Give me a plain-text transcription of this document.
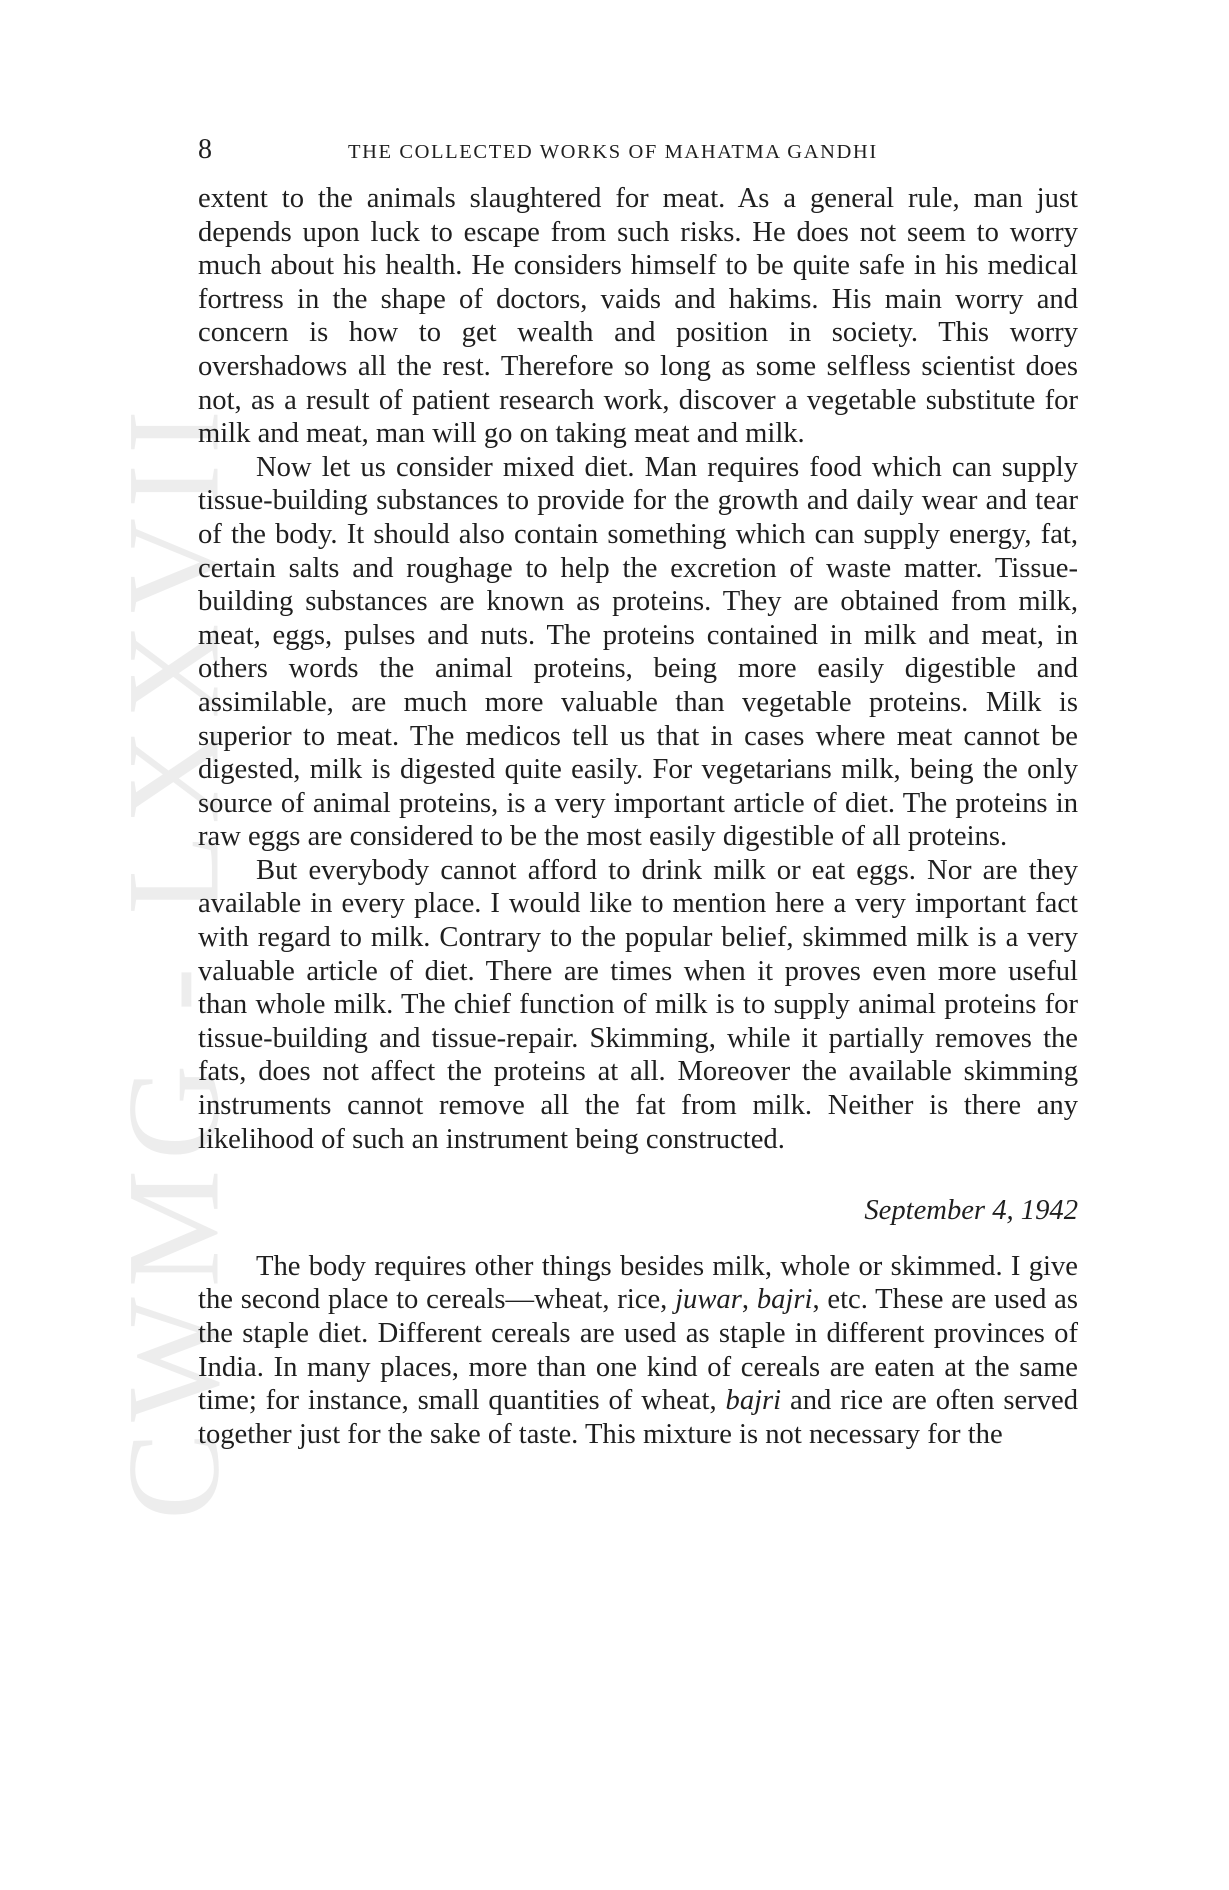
CWMG - LXXVII
8	THE COLLECTED WORKS OF MAHATMA GANDHI

extent to the animals slaughtered for meat. As a general rule, man just depends upon luck to escape from such risks. He does not seem to worry much about his health. He considers himself to be quite safe in his medical fortress in the shape of doctors, vaids and hakims. His main worry and concern is how to get wealth and position in society. This worry overshadows all the rest. Therefore so long as some selfless scientist does not, as a result of patient research work, discover a vegetable substitute for milk and meat, man will go on taking meat and milk.

Now let us consider mixed diet. Man requires food which can supply tissue-building substances to provide for the growth and daily wear and tear of the body. It should also contain something which can supply energy, fat, certain salts and roughage to help the excretion of waste matter. Tissue-building substances are known as proteins. They are obtained from milk, meat, eggs, pulses and nuts. The proteins contained in milk and meat, in others words the animal proteins, being more easily digestible and assimilable, are much more valuable than vegetable proteins. Milk is superior to meat. The medicos tell us that in cases where meat cannot be digested, milk is digested quite easily. For vegetarians milk, being the only source of animal proteins, is a very important article of diet. The proteins in raw eggs are considered to be the most easily digestible of all proteins.

But everybody cannot afford to drink milk or eat eggs. Nor are they available in every place. I would like to mention here a very important fact with regard to milk. Contrary to the popular belief, skimmed milk is a very valuable article of diet. There are times when it proves even more useful than whole milk. The chief function of milk is to supply animal proteins for tissue-building and tissue-repair. Skimming, while it partially removes the fats, does not affect the proteins at all. Moreover the available skimming instruments cannot remove all the fat from milk. Neither is there any likelihood of such an instrument being constructed.

September 4, 1942

The body requires other things besides milk, whole or skimmed. I give the second place to cereals—wheat, rice, juwar, bajri, etc. These are used as the staple diet. Different cereals are used as staple in different provinces of India. In many places, more than one kind of cereals are eaten at the same time; for instance, small quantities of wheat, bajri and rice are often served together just for the sake of taste. This mixture is not necessary for the
